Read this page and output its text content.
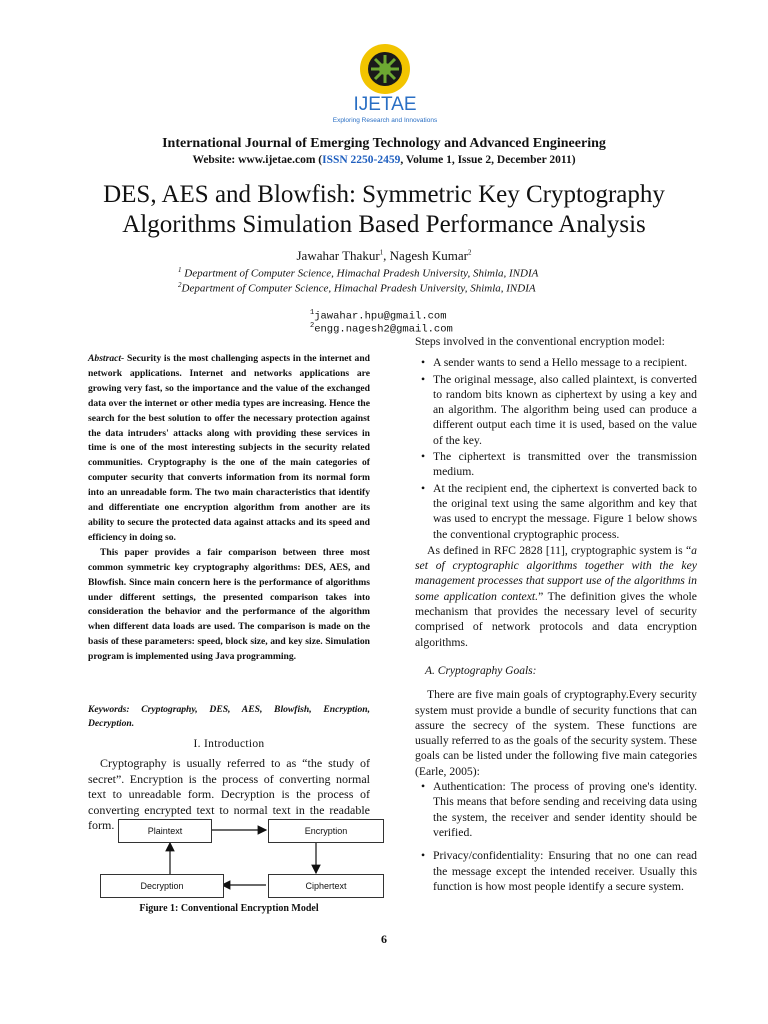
IJETAE
Exploring Research and Innovations
International Journal of Emerging Technology and Advanced Engineering
Website: www.ijetae.com (ISSN 2250-2459, Volume 1, Issue 2, December 2011)
DES, AES and Blowfish: Symmetric Key Cryptography
Algorithms Simulation Based Performance Analysis
Jawahar Thakur$^1$, Nagesh Kumar$^2$
$^1$ Department of Computer Science, Himachal Pradesh University, Shimla, INDIA
$^2$Department of Computer Science, Himachal Pradesh University, Shimla, INDIA
$^1$jawahar.hpu@gmail.com
$^2$engg.nagesh2@gmail.com

Abstract- Security is the most challenging aspects in the internet and network applications. Internet and networks applications are growing very fast, so the importance and the value of the exchanged data over the internet or other media types are increasing. Hence the search for the best solution to offer the necessary protection against the data intruders' attacks along with providing these services in time is one of the most interesting subjects in the security related communities. Cryptography is the one of the main categories of computer security that converts information from its normal form into an unreadable form. The two main characteristics that identify and differentiate one encryption algorithm from another are its ability to secure the protected data against attacks and its speed and efficiency in doing so.

This paper provides a fair comparison between three most common symmetric key cryptography algorithms: DES, AES, and Blowfish. Since main concern here is the performance of algorithms under different settings, the presented comparison takes into consideration the behavior and the performance of the algorithm when different data loads are used. The comparison is made on the basis of these parameters: speed, block size, and key size. Simulation program is implemented using Java programming.

Keywords: Cryptography, DES, AES, Blowfish, Encryption, Decryption.
I. Introduction

Cryptography is usually referred to as “the study of secret”. Encryption is the process of converting normal text to unreadable form. Decryption is the process of converting encrypted text to normal text in the readable form.	Plaintext	Encryption
Decryption	Ciphertext
Figure 1: Conventional Encryption Model

Steps involved in the conventional encryption model:

• A sender wants to send a Hello message to a recipient.
• The original message, also called plaintext, is converted to random bits known as ciphertext by using a key and an algorithm. The algorithm being used can produce a different output each time it is used, based on the value of the key.
• The ciphertext is transmitted over the transmission medium.
• At the recipient end, the ciphertext is converted back to the original text using the same algorithm and key that was used to encrypt the message. Figure 1 below shows the conventional cryptographic process.

As defined in RFC 2828 [11], cryptographic system is “a set of cryptographic algorithms together with the key management processes that support use of the algorithms in some application context.” The definition gives the whole mechanism that provides the necessary level of security comprised of network protocols and data encryption algorithms.

A. Cryptography Goals:

There are five main goals of cryptography.Every security system must provide a bundle of security functions that can assure the secrecy of the system. These functions are usually referred to as the goals of the security system. These goals can be listed under the following five main categories (Earle, 2005):

• Authentication: The process of proving one's identity. This means that before sending and receiving data using the system, the receiver and sender identity should be verified.
• Privacy/confidentiality: Ensuring that no one can read the message except the intended receiver. Usually this function is how most people identify a secure system.
6
